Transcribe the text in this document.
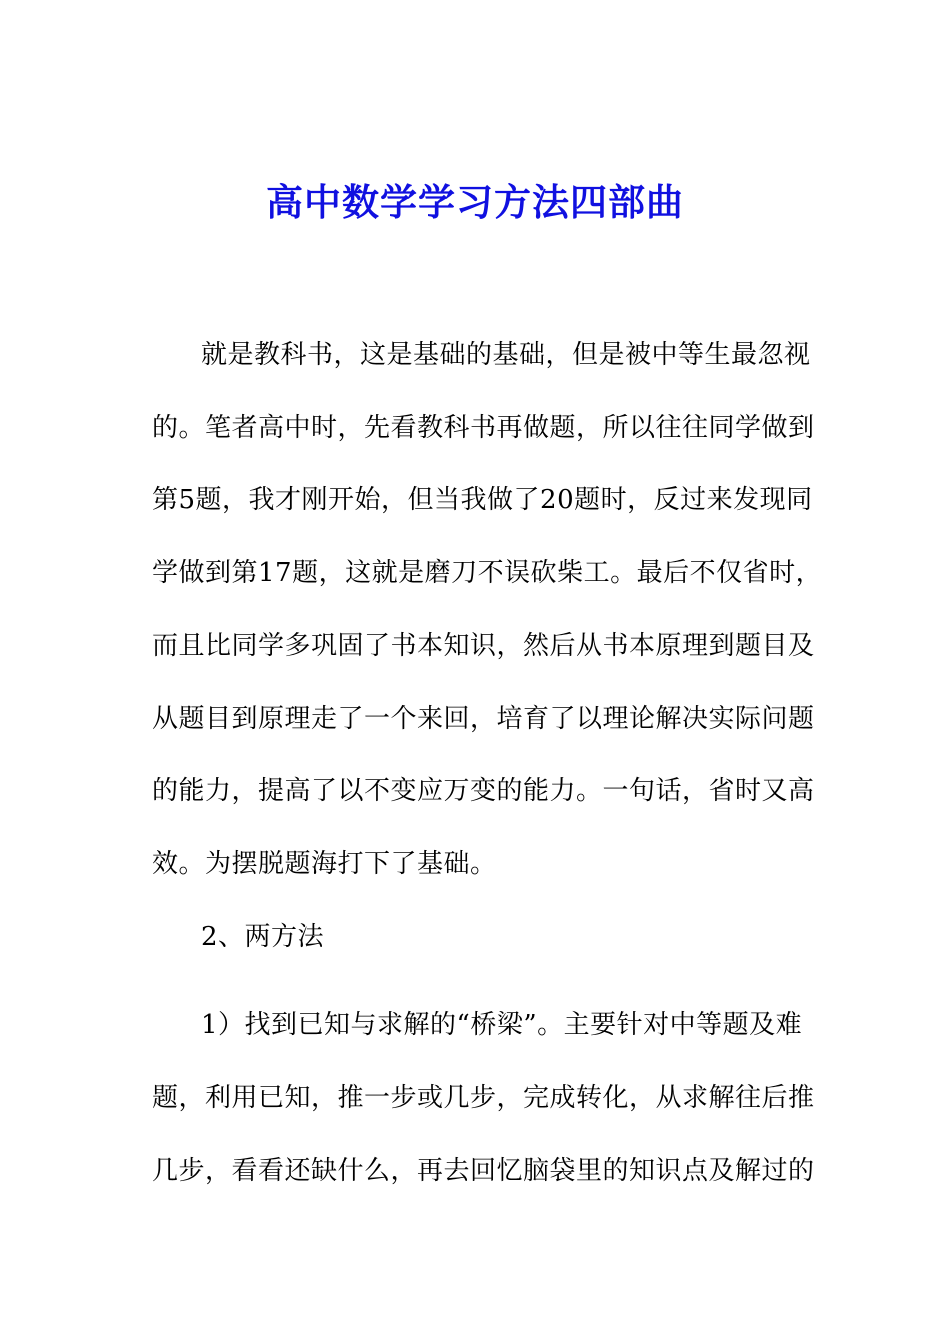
高中数学学习方法四部曲
就是教科书，这是基础的基础，但是被中等生最忽视
的。笔者高中时，先看教科书再做题，所以往往同学做到
第5题，我才刚开始，但当我做了20题时，反过来发现同
学做到第17题，这就是磨刀不误砍柴工。最后不仅省时，
而且比同学多巩固了书本知识，然后从书本原理到题目及
从题目到原理走了一个来回，培育了以理论解决实际问题
的能力，提高了以不变应万变的能力。一句话，省时又高
效。为摆脱题海打下了基础。
2、两方法
1）找到已知与求解的“桥梁”。主要针对中等题及难
题，利用已知，推一步或几步，完成转化，从求解往后推
几步，看看还缺什么，再去回忆脑袋里的知识点及解过的
